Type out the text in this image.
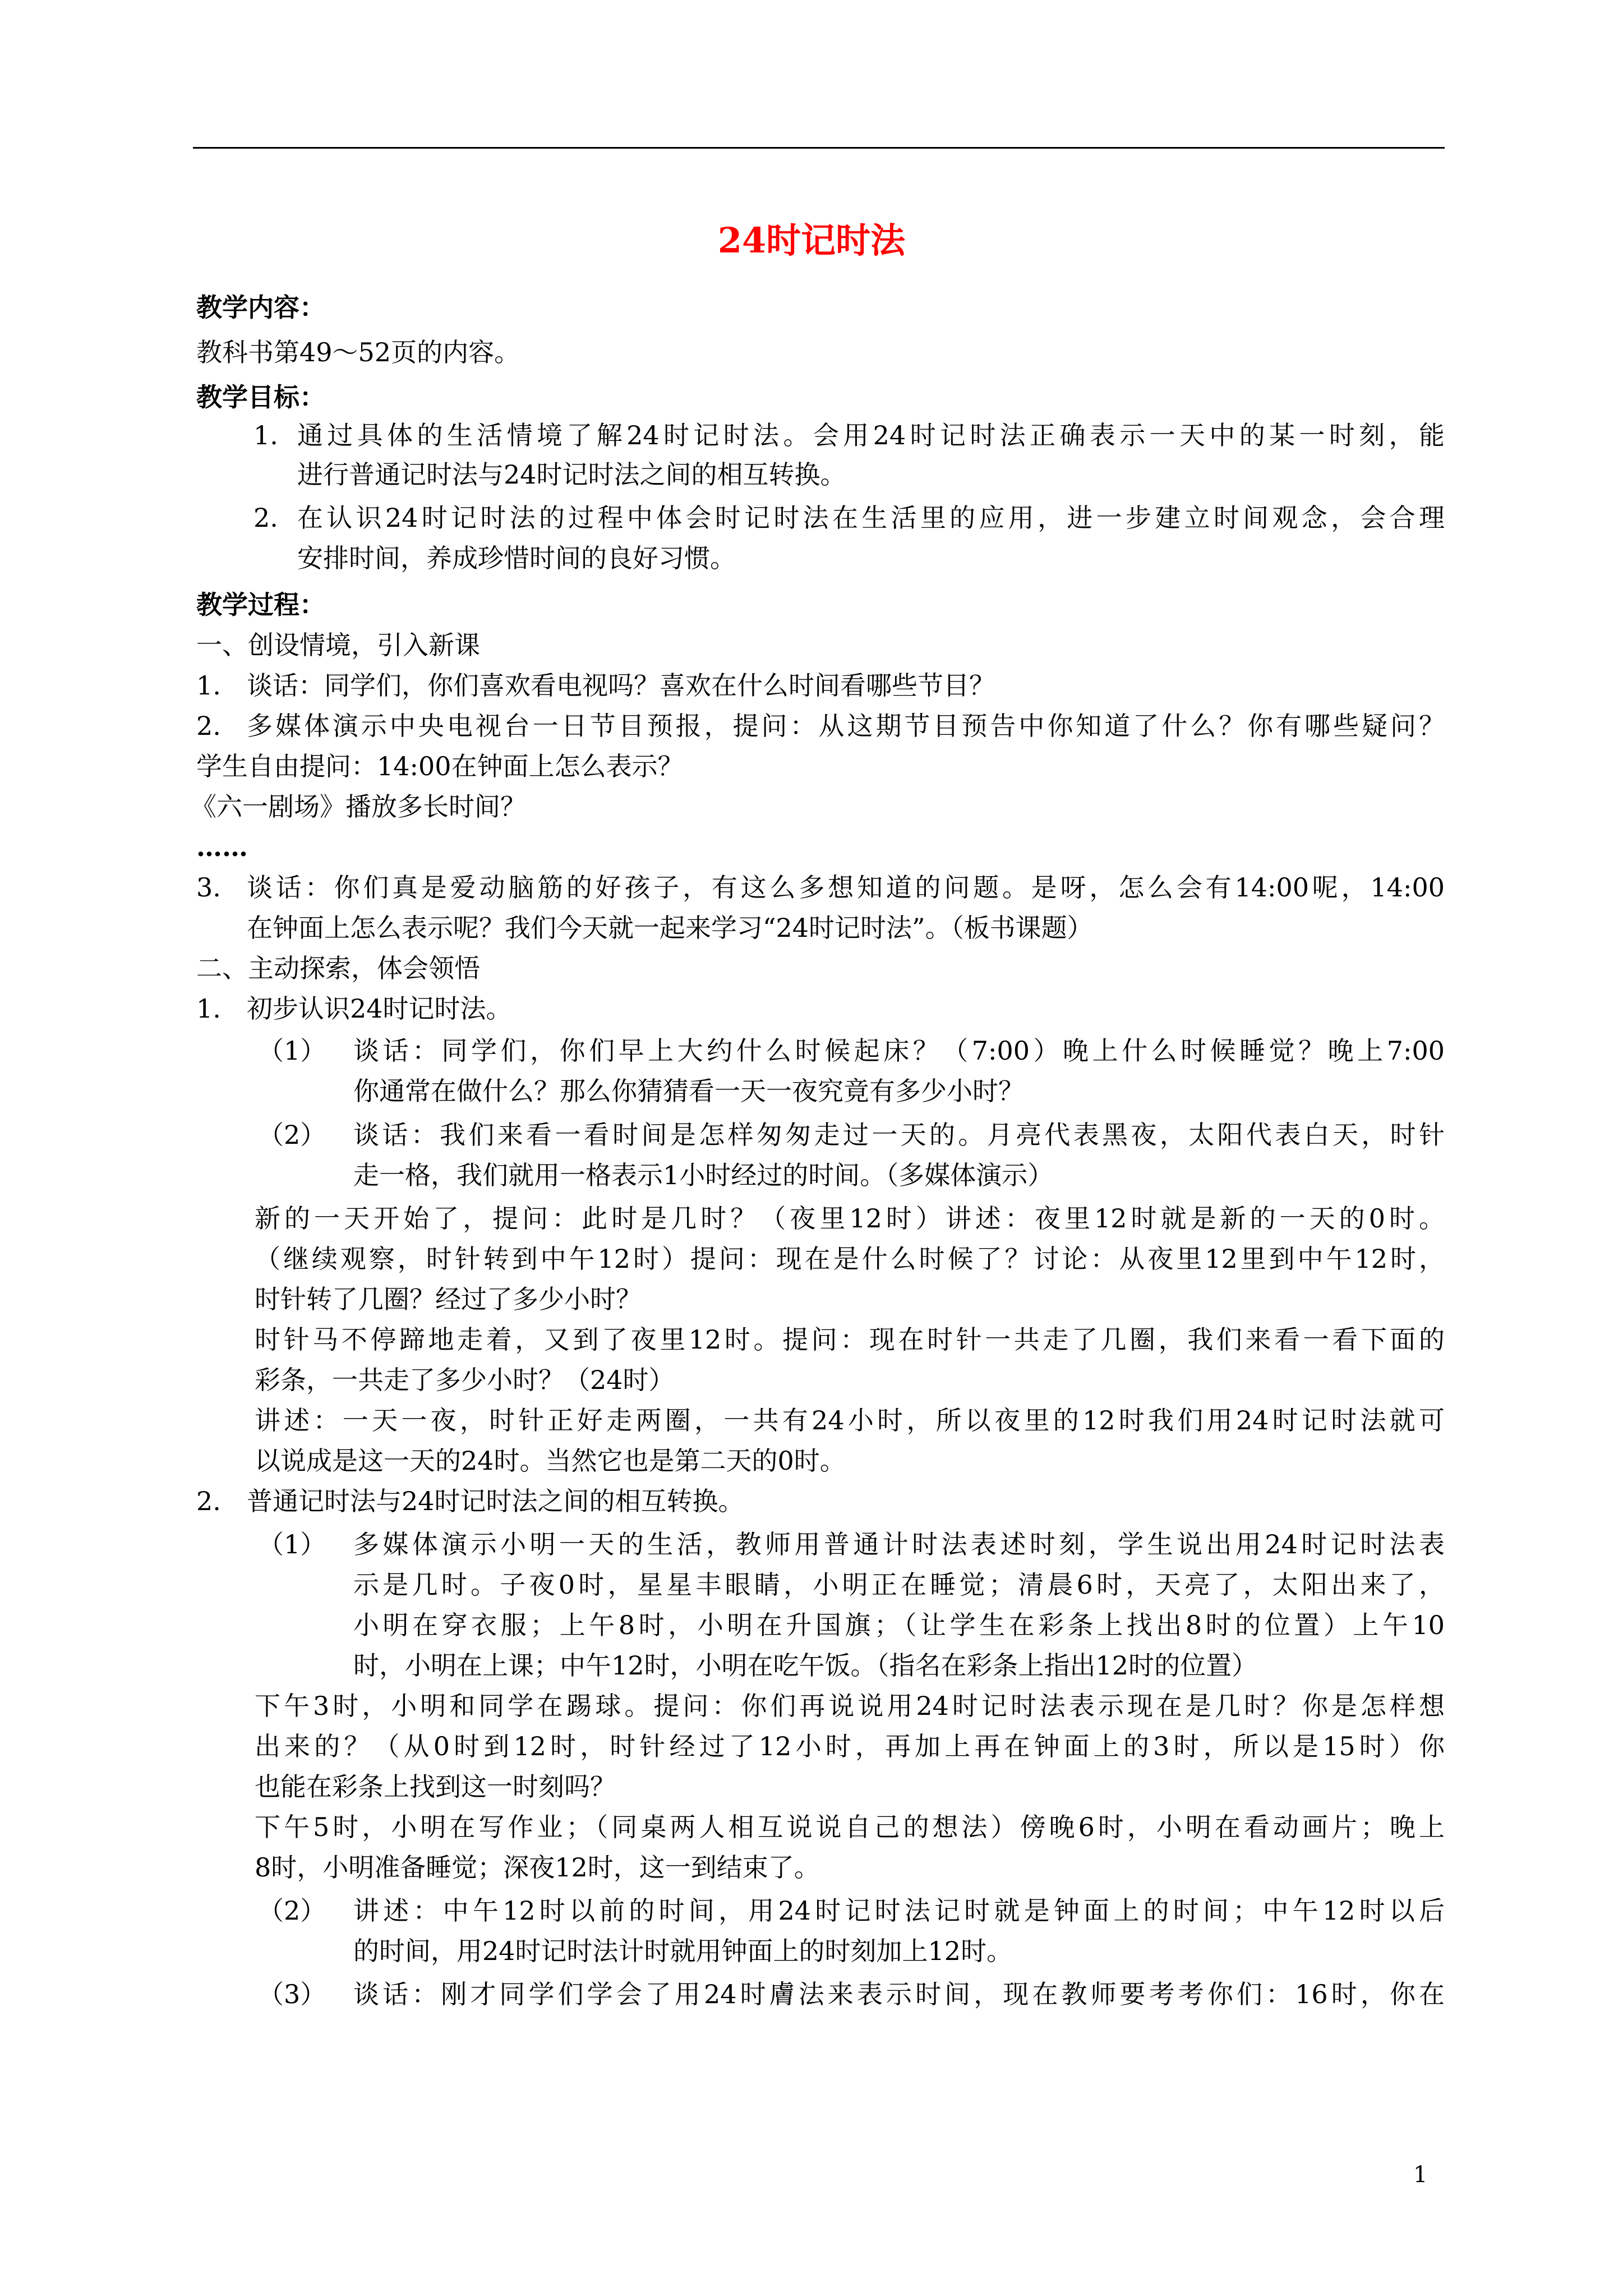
24时记时法
教学内容：
教科书第49～52页的内容。
教学目标：
1. 通过具体的生活情境了解24时记时法。会用24时记时法正确表示一天中的某一时刻，能
进行普通记时法与24时记时法之间的相互转换。
2. 在认识24时记时法的过程中体会时记时法在生活里的应用，进一步建立时间观念，会合理
安排时间，养成珍惜时间的良好习惯。
教学过程：
一、创设情境，引入新课
1. 谈话：同学们，你们喜欢看电视吗？喜欢在什么时间看哪些节目？
2. 多媒体演示中央电视台一日节目预报，提问：从这期节目预告中你知道了什么？你有哪些疑问？
学生自由提问：14:00在钟面上怎么表示？
《六一剧场》播放多长时间？
……
3. 谈话：你们真是爱动脑筋的好孩子，有这么多想知道的问题。是呀，怎么会有14:00呢，14:00
在钟面上怎么表示呢？我们今天就一起来学习“24时记时法”。（板书课题）
二、主动探索，体会领悟
1. 初步认识24时记时法。
（1） 谈话：同学们，你们早上大约什么时候起床？（7:00）晚上什么时候睡觉？晚上7:00
你通常在做什么？那么你猜猜看一天一夜究竟有多少小时？
（2） 谈话：我们来看一看时间是怎样匆匆走过一天的。月亮代表黑夜，太阳代表白天，时针
走一格，我们就用一格表示1小时经过的时间。（多媒体演示）
新的一天开始了，提问：此时是几时？（夜里12时）讲述：夜里12时就是新的一天的0时。
（继续观察，时针转到中午12时）提问：现在是什么时候了？讨论：从夜里12里到中午12时，
时针转了几圈？经过了多少小时？
时针马不停蹄地走着，又到了夜里12时。提问：现在时针一共走了几圈，我们来看一看下面的
彩条，一共走了多少小时？（24时）
讲述：一天一夜，时针正好走两圈，一共有24小时，所以夜里的12时我们用24时记时法就可
以说成是这一天的24时。当然它也是第二天的0时。
2. 普通记时法与24时记时法之间的相互转换。
（1） 多媒体演示小明一天的生活，教师用普通计时法表述时刻，学生说出用24时记时法表
示是几时。子夜0时，星星丰眼睛，小明正在睡觉；清晨6时，天亮了，太阳出来了，
小明在穿衣服；上午8时，小明在升国旗；（让学生在彩条上找出8时的位置）上午10
时，小明在上课；中午12时，小明在吃午饭。（指名在彩条上指出12时的位置）
下午3时，小明和同学在踢球。提问：你们再说说用24时记时法表示现在是几时？你是怎样想
出来的？（从0时到12时，时针经过了12小时，再加上再在钟面上的3时，所以是15时）你
也能在彩条上找到这一时刻吗？
下午5时，小明在写作业；（同桌两人相互说说自己的想法）傍晚6时，小明在看动画片；晚上
8时，小明准备睡觉；深夜12时，这一到结束了。
（2） 讲述：中午12时以前的时间，用24时记时法记时就是钟面上的时间；中午12时以后
的时间，用24时记时法计时就用钟面上的时刻加上12时。
（3） 谈话：刚才同学们学会了用24时膚法来表示时间，现在教师要考考你们：16时，你在
1
